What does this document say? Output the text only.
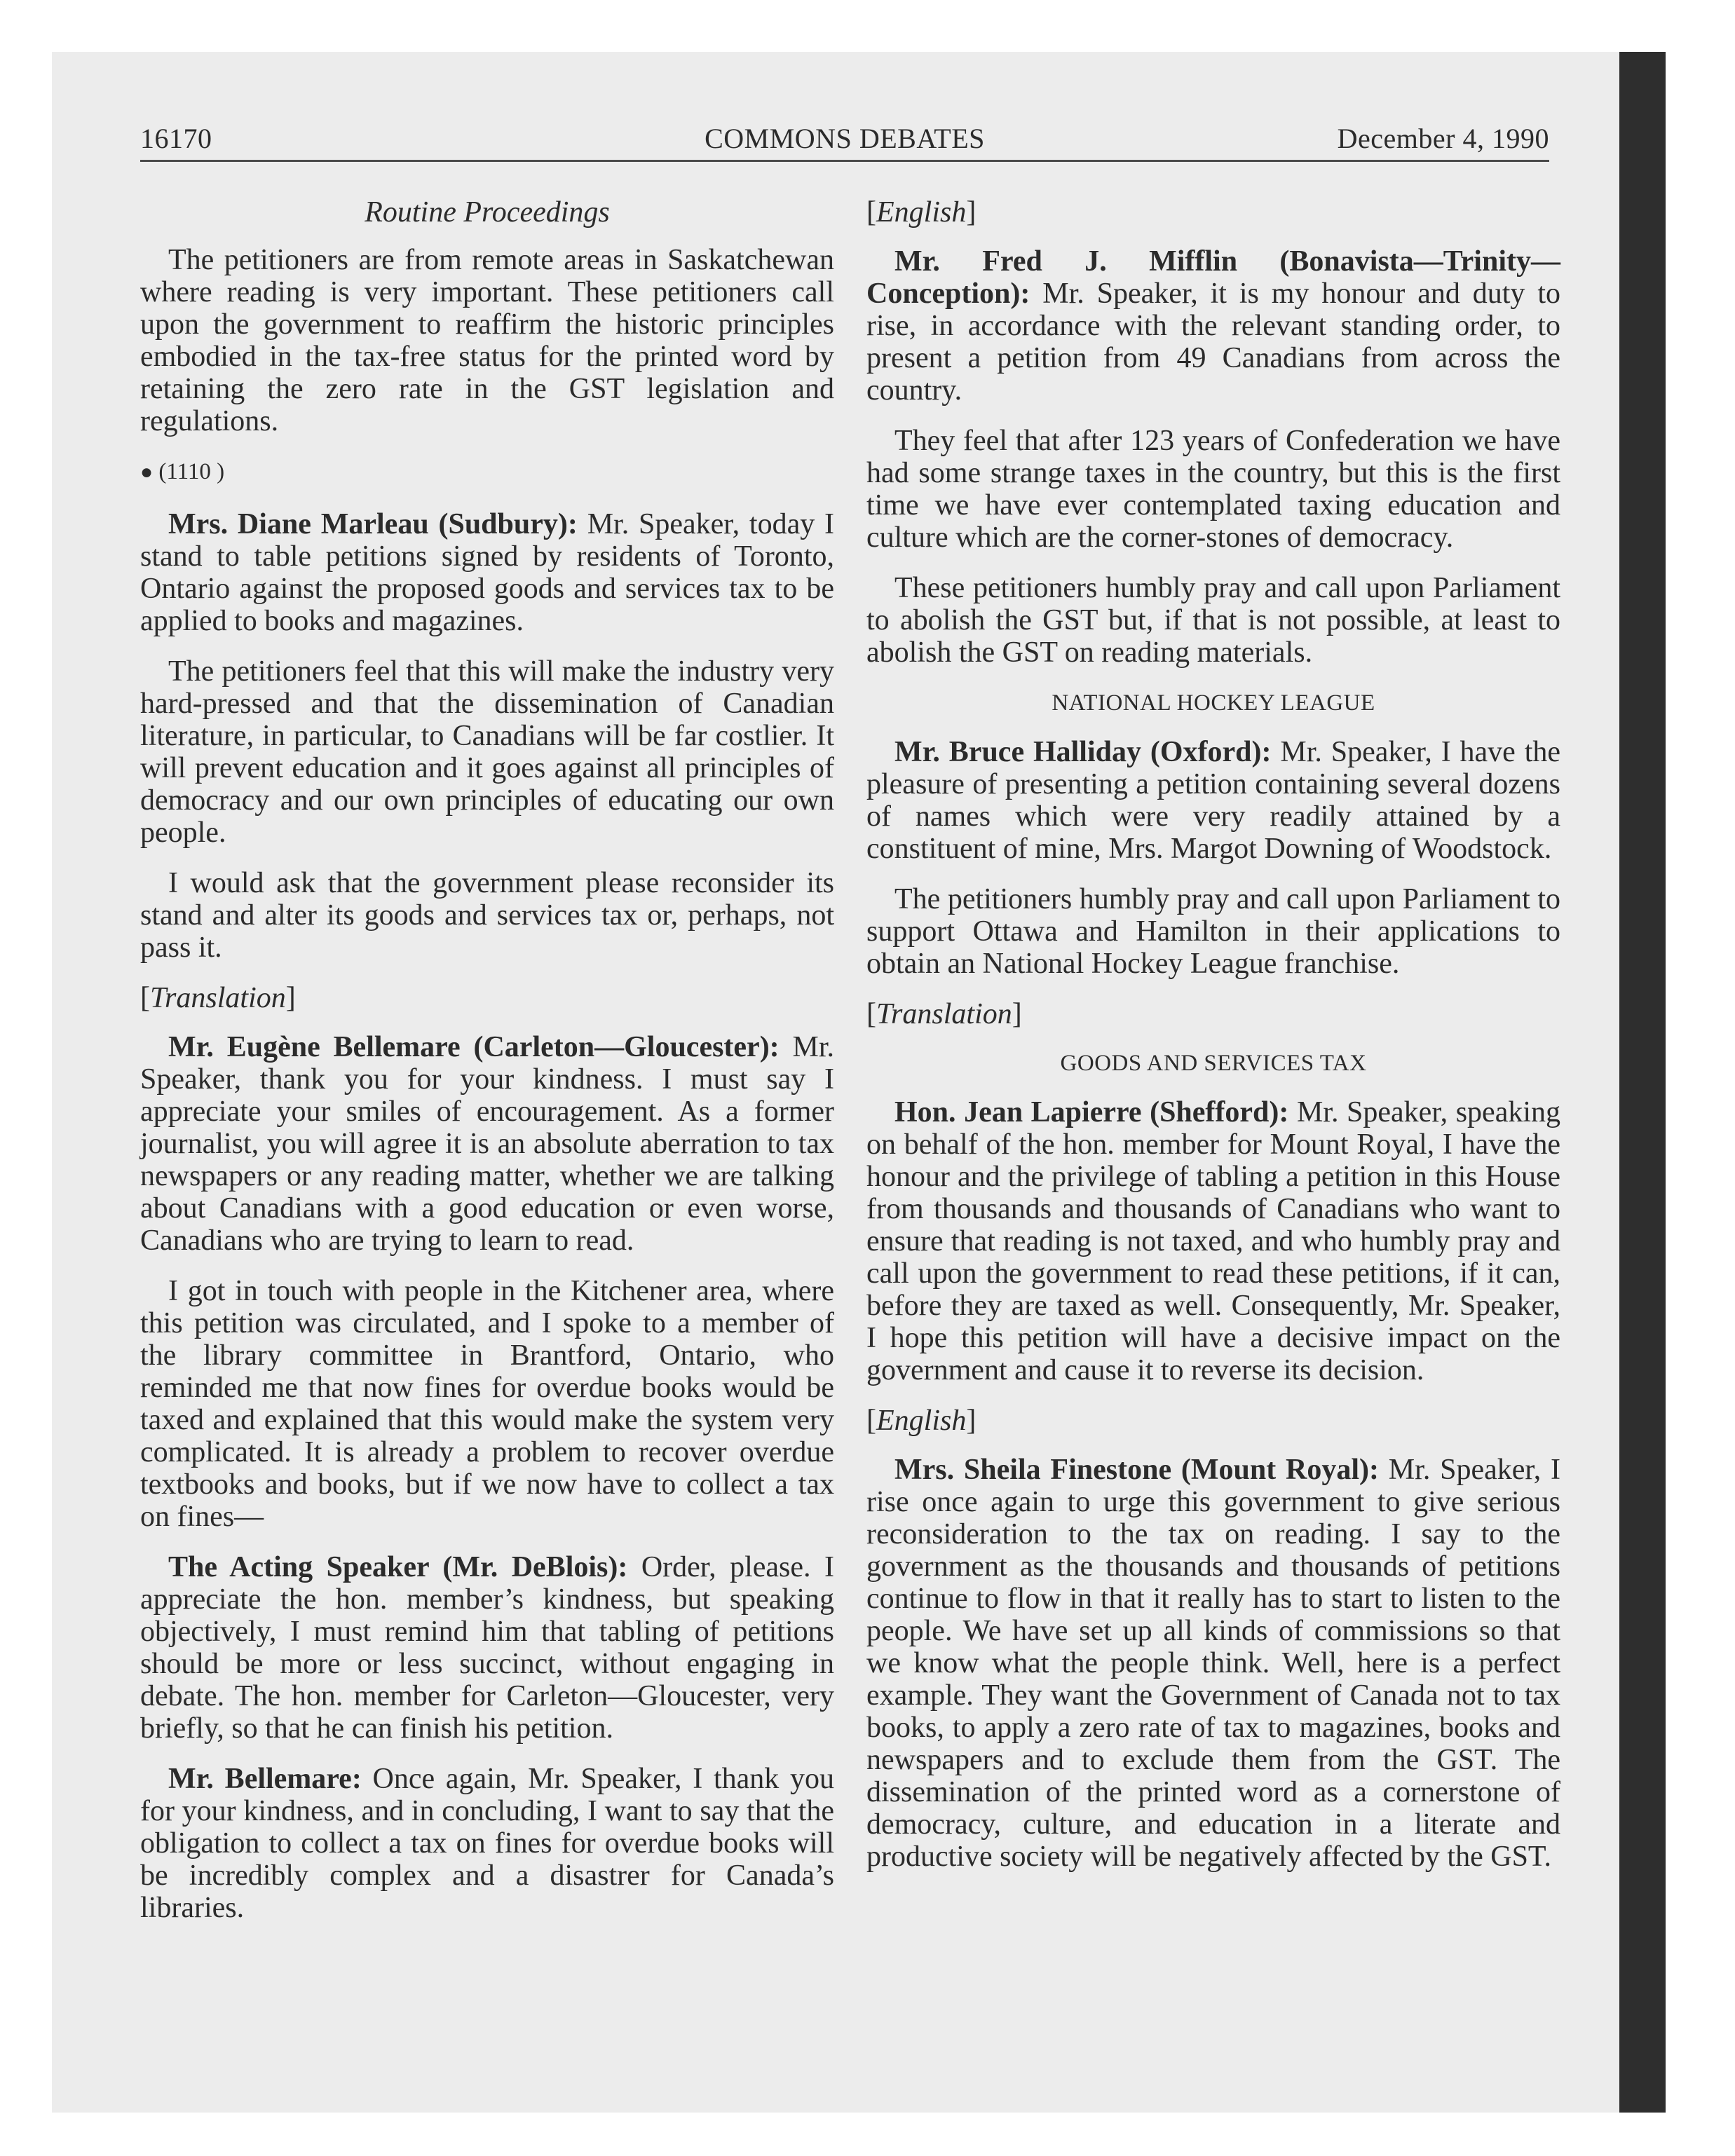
COMMONS DEBATES
16170	December 4, 1990
Routine Proceedings

The petitioners are from remote areas in Saskatchewan where reading is very important. These petitioners call upon the government to reaffirm the historic principles embodied in the tax-free status for the printed word by retaining the zero rate in the GST legislation and regulations.

● (1110 )

Mrs. Diane Marleau (Sudbury): Mr. Speaker, today I stand to table petitions signed by residents of Toronto, Ontario against the proposed goods and services tax to be applied to books and magazines.

The petitioners feel that this will make the industry very hard-pressed and that the dissemination of Canadian literature, in particular, to Canadians will be far costlier. It will prevent education and it goes against all principles of democracy and our own principles of educating our own people.

I would ask that the government please reconsider its stand and alter its goods and services tax or, perhaps, not pass it.

[Translation]

Mr. Eugène Bellemare (Carleton—Gloucester): Mr. Speaker, thank you for your kindness. I must say I appreciate your smiles of encouragement. As a former journalist, you will agree it is an absolute aberration to tax newspapers or any reading matter, whether we are talking about Canadians with a good education or even worse, Canadians who are trying to learn to read.

I got in touch with people in the Kitchener area, where this petition was circulated, and I spoke to a member of the library committee in Brantford, Ontario, who reminded me that now fines for overdue books would be taxed and explained that this would make the system very complicated. It is already a problem to recover overdue textbooks and books, but if we now have to collect a tax on fines—

The Acting Speaker (Mr. DeBlois): Order, please. I appreciate the hon. member’s kindness, but speaking objectively, I must remind him that tabling of petitions should be more or less succinct, without engaging in debate. The hon. member for Carleton—Gloucester, very briefly, so that he can finish his petition.

Mr. Bellemare: Once again, Mr. Speaker, I thank you for your kindness, and in concluding, I want to say that the obligation to collect a tax on fines for overdue books will be incredibly complex and a disastrer for Canada’s libraries.

[English]

Mr. Fred J. Mifflin (Bonavista—Trinity—Conception): Mr. Speaker, it is my honour and duty to rise, in accordance with the relevant standing order, to present a petition from 49 Canadians from across the country.

They feel that after 123 years of Confederation we have had some strange taxes in the country, but this is the first time we have ever contemplated taxing education and culture which are the corner-stones of democracy.

These petitioners humbly pray and call upon Parliament to abolish the GST but, if that is not possible, at least to abolish the GST on reading materials.

NATIONAL HOCKEY LEAGUE

Mr. Bruce Halliday (Oxford): Mr. Speaker, I have the pleasure of presenting a petition containing several dozens of names which were very readily attained by a constituent of mine, Mrs. Margot Downing of Woodstock.

The petitioners humbly pray and call upon Parliament to support Ottawa and Hamilton in their applications to obtain an National Hockey League franchise.

[Translation]
GOODS AND SERVICES TAX

Hon. Jean Lapierre (Shefford): Mr. Speaker, speaking on behalf of the hon. member for Mount Royal, I have the honour and the privilege of tabling a petition in this House from thousands and thousands of Canadians who want to ensure that reading is not taxed, and who humbly pray and call upon the government to read these petitions, if it can, before they are taxed as well. Consequently, Mr. Speaker, I hope this petition will have a decisive impact on the government and cause it to reverse its decision.

[English]

Mrs. Sheila Finestone (Mount Royal): Mr. Speaker, I rise once again to urge this government to give serious reconsideration to the tax on reading. I say to the government as the thousands and thousands of petitions continue to flow in that it really has to start to listen to the people. We have set up all kinds of commissions so that we know what the people think. Well, here is a perfect example. They want the Government of Canada not to tax books, to apply a zero rate of tax to magazines, books and newspapers and to exclude them from the GST. The dissemination of the printed word as a cornerstone of democracy, culture, and education in a literate and productive society will be negatively affected by the GST.
